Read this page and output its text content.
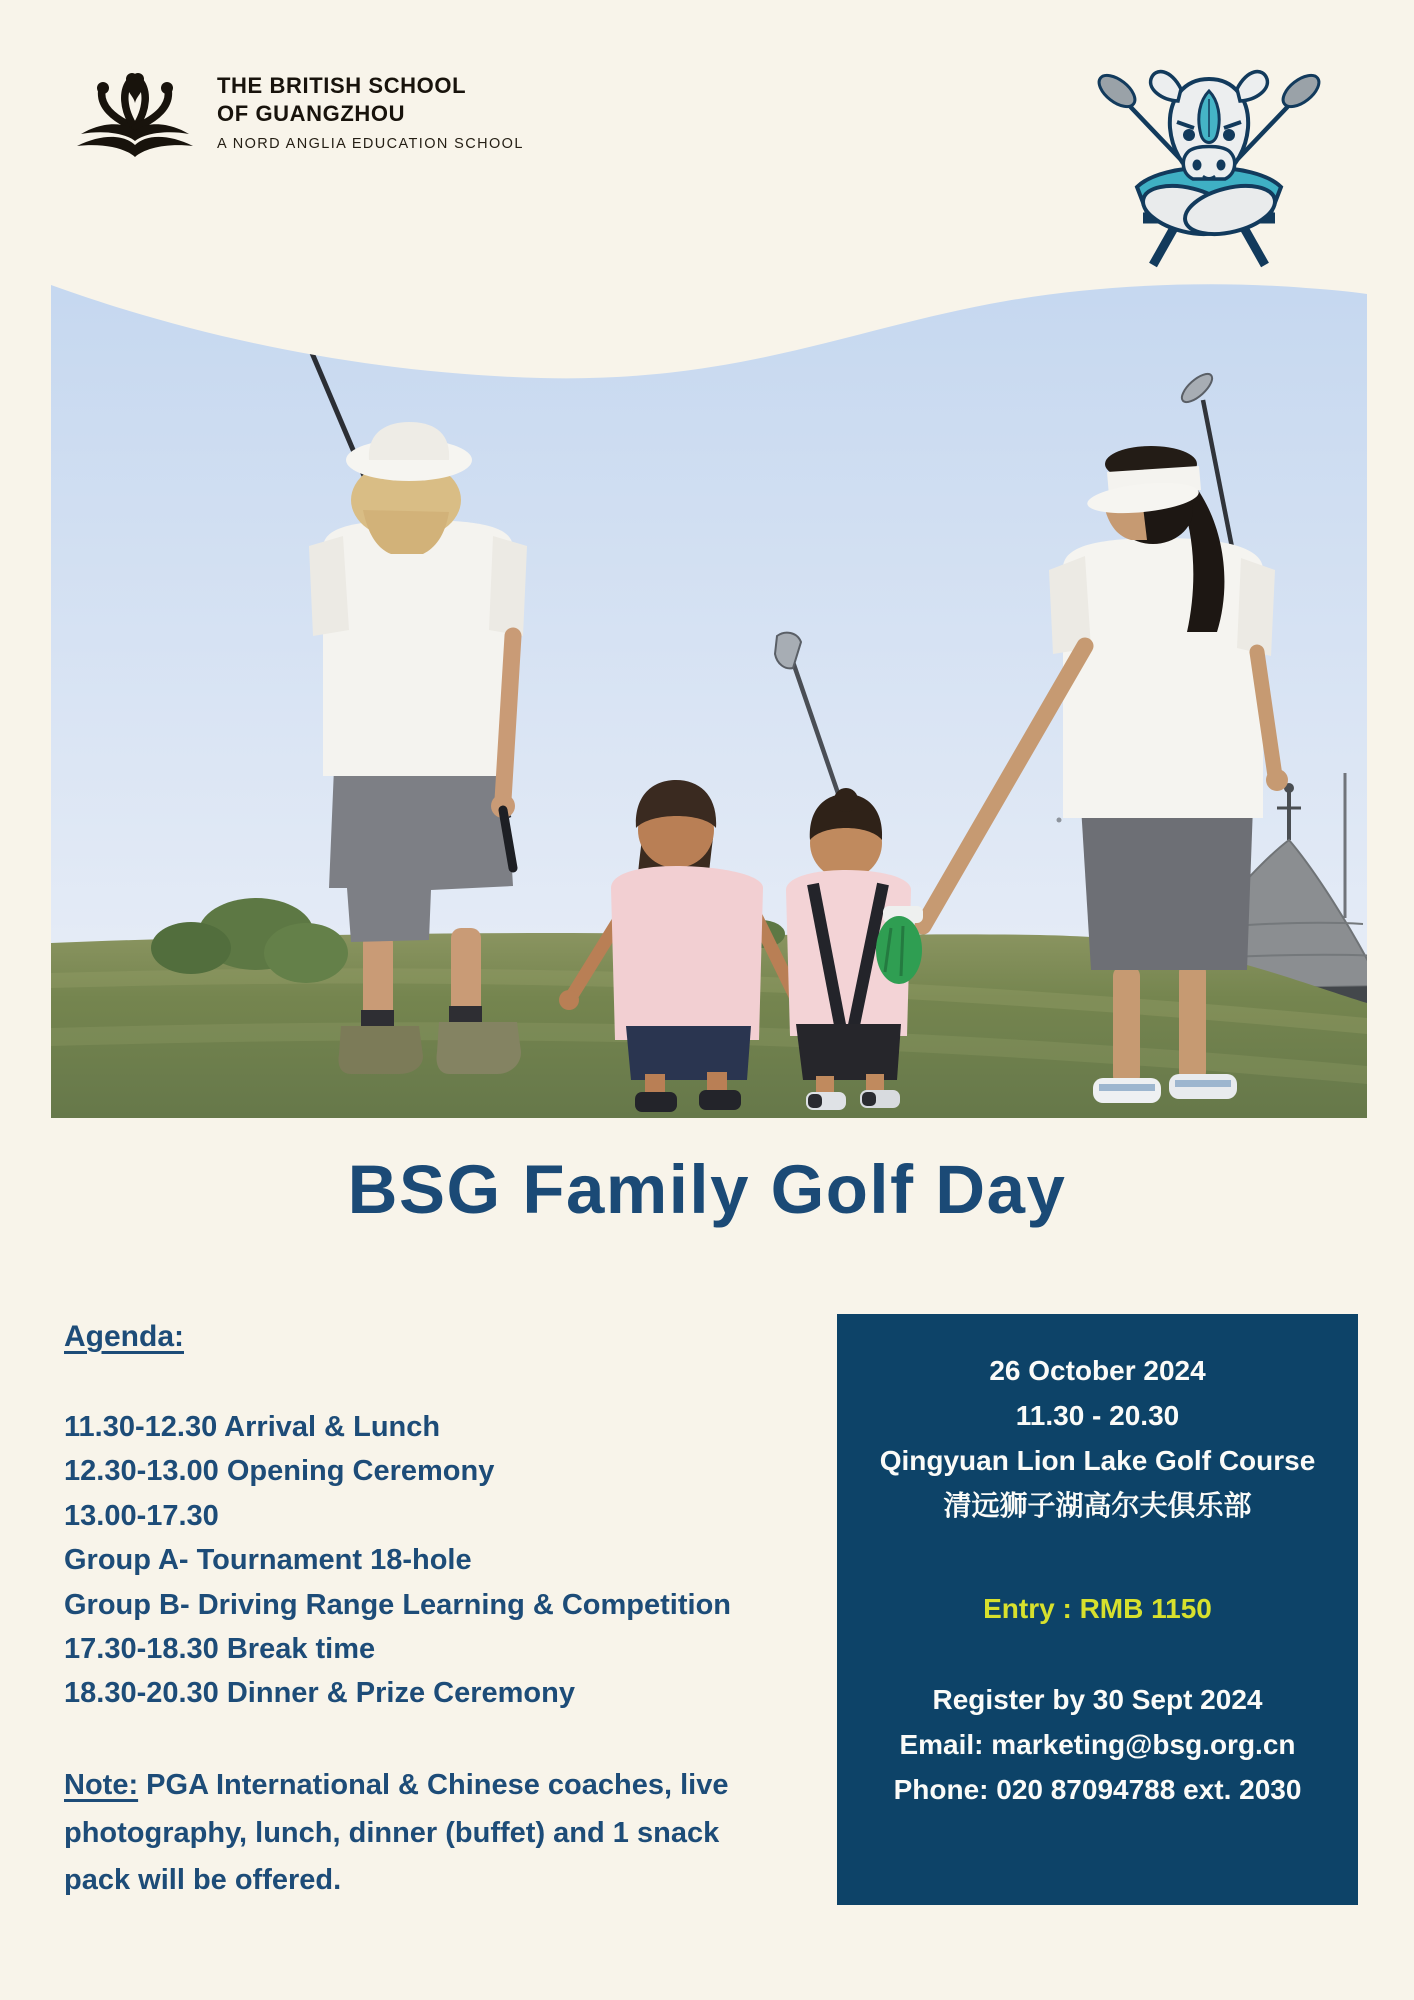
THE BRITISH SCHOOL
OF GUANGZHOU
A NORD ANGLIA EDUCATION SCHOOL
BSG Family Golf Day
Agenda:
11.30-12.30 Arrival & Lunch
12.30-13.00 Opening Ceremony
13.00-17.30
Group A- Tournament 18-hole
Group B- Driving Range Learning & Competition
17.30-18.30 Break time
18.30-20.30 Dinner & Prize Ceremony
Note: PGA International & Chinese coaches, live photography, lunch, dinner (buffet) and 1 snack pack will be offered.
26 October 2024
11.30 - 20.30
Qingyuan Lion Lake Golf Course
清远狮子湖高尔夫俱乐部
Entry : RMB 1150
Register by 30 Sept 2024
Email: marketing@bsg.org.cn
Phone: 020 87094788 ext. 2030
